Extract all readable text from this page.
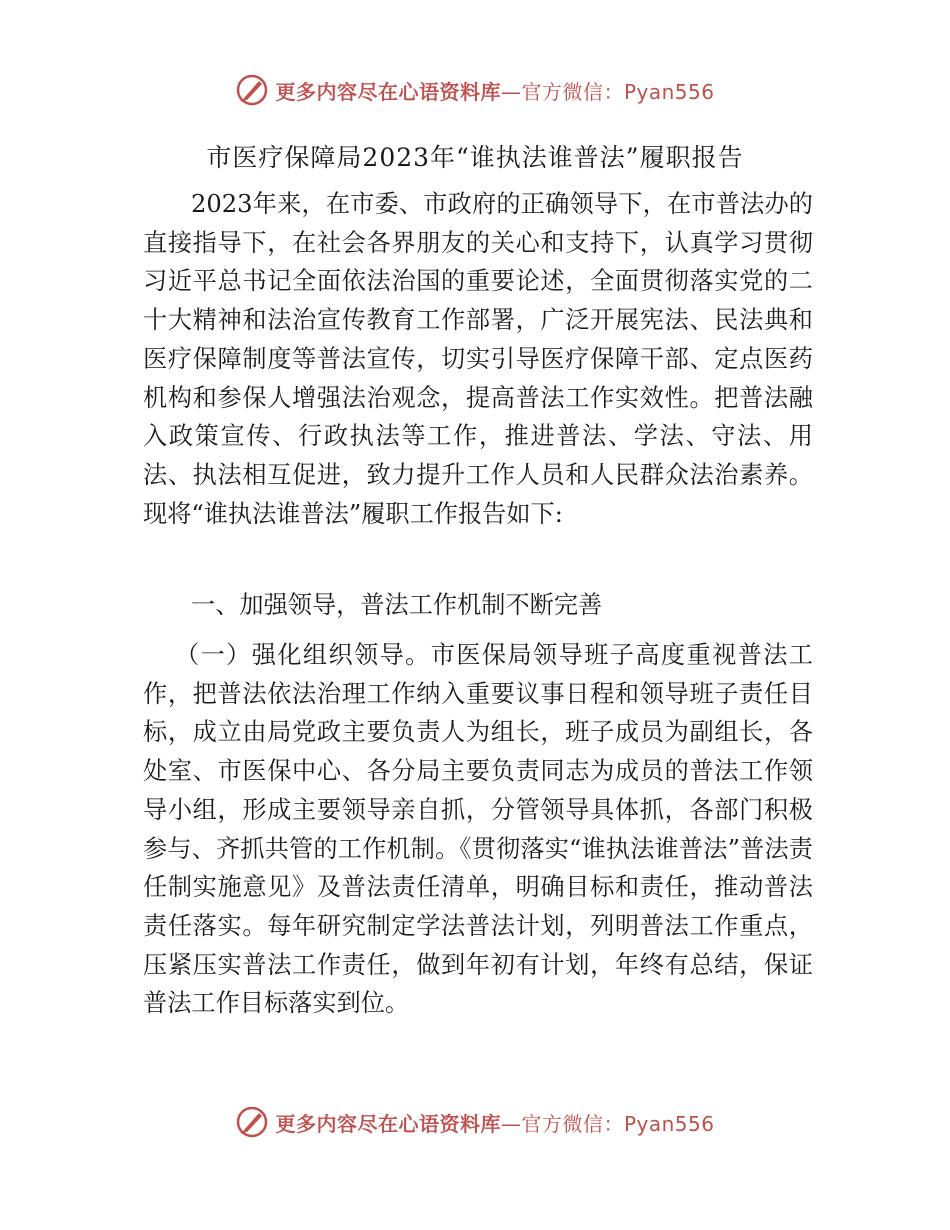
更多内容尽在心语资料库—官方微信：Pyan556
市医疗保障局2023年“谁执法谁普法”履职报告

2023年来，在市委、市政府的正确领导下，在市普法办的直接指导下，在社会各界朋友的关心和支持下，认真学习贯彻习近平总书记全面依法治国的重要论述，全面贯彻落实党的二十大精神和法治宣传教育工作部署，广泛开展宪法、民法典和医疗保障制度等普法宣传，切实引导医疗保障干部、定点医药机构和参保人增强法治观念，提高普法工作实效性。把普法融入政策宣传、行政执法等工作，推进普法、学法、守法、用法、执法相互促进，致力提升工作人员和人民群众法治素养。现将“谁执法谁普法”履职工作报告如下:

一、加强领导，普法工作机制不断完善

（一）强化组织领导。市医保局领导班子高度重视普法工作，把普法依法治理工作纳入重要议事日程和领导班子责任目标，成立由局党政主要负责人为组长，班子成员为副组长，各处室、市医保中心、各分局主要负责同志为成员的普法工作领导小组，形成主要领导亲自抓，分管领导具体抓，各部门积极参与、齐抓共管的工作机制。《贯彻落实“谁执法谁普法”普法责任制实施意见》及普法责任清单，明确目标和责任，推动普法责任落实。每年研究制定学法普法计划，列明普法工作重点，压紧压实普法工作责任，做到年初有计划，年终有总结，保证普法工作目标落实到位。

更多内容尽在心语资料库—官方微信：Pyan556
